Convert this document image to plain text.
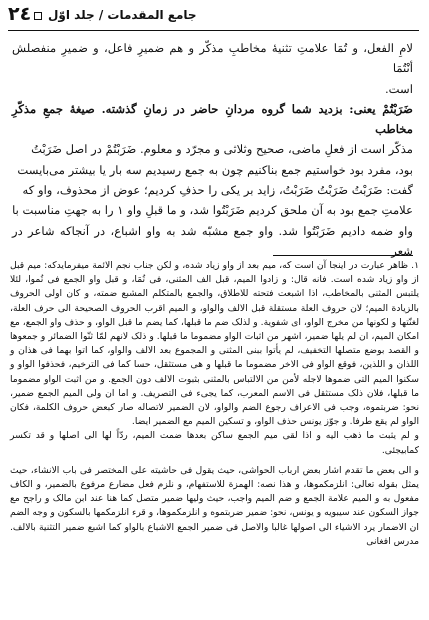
٢٤ جامع المقدمات / جلد اوّل

لامِ الفعل، و تُمَا علامتِ تثنیهٔ مخاطبِ مذکّر و هم ضمیرِ فاعل، و ضمیرِ منفصلش أنْتُمَا

است.

ضَرَبْتُمْ یعنی: بزدید شما گروه مردانِ حاضر در زمانِ گذشته. صیغهٔ جمعِ مذکّرِ مخاطب

مذکّر است از فعلِ ماضی، صحیح وثلاثی و مجرّد و معلوم. ضَرَبْتُمْ در اصل ضَرَبْتُ

بود، مفرد بود خواستیم جمع بناکنیم چون به جمع رسیدیم سه بار یا بیشتر می‌بایست

گفت: ضَرَبْتُ ضَرَبْتُ ضَرَبْتُ، زاید بر یکی را حذفِ کردیم؛ عوض از محذوف، واو که

علامتِ جمع بود به آن ملحق کردیم ضَرَبْتُوا شد، و ما قبلِ واو ١ را به جهتِ مناسبت با

واو ضمه دادیم ضَرَبْتُوا شد. واو جمع مشبّه شد به واو اشباع، در آنجاکه شاعر در شعر

١. ظاهر عبارت در اینجا آن است که، میم بعد از واو زیاد شده، و لکن جناب نجم الائمة میفرمایدکه: میم قبل از واو زیاد شده است. فانه قال: و زادوا المیم، قبل الف المثنی، فی تُمَا، و قبل واو الجمع فی تُموا، لئلا یلتبس المثنی بالمخاطب، اذا اشبعت فتحته للاطلاق، والجمع بالمتکلم المشبع ضمته، و کان اولی الحروف بالزیادة المیم؛ لان حروف العلة مستقلة قبل الالف والواو، و المیم اقرب الحروف الصحیحة الی حرف العلة، لغنّتها و لکونها من مخرج الواو، ای شفویة. و لذلک ضم ما قبلها، کما یضم ما قبل الواو، و حذف واو الجمع، مع امکان المیم، ان لم یلها ضمیر، اشهر من اثبات الواو مضموما ما قبلها. و ذلک لانهم لمّا ثنّوا الضمائر و جمعوها و القصد بوضع متصلها التخفیف، لم یأتوا ببنی المثنی و المجموع بعد الالف والواو، کما اتوا بهما فی هذان و اللذان و اللذین، فوقع الواو فی الاخر مضموما ما قبلها و هی مستثقل، حسا کما فی الترخیم، فحذفوا الواو و سکنوا المیم التی ضموها لاجله لأمن من الالتباس بالمثنی بثبوت الالف دون الجمع. و من اثبت الواو مضموما ما قبلها، فلان ذلک مستثقل فی الاسم المعرب، کما یجیء فی التصریف. و اما ان ولی المیم الجمع ضمیر، نحو: ضربتموه، وجب فی الاعراف رجوع الضم والواو، لان الضمیر لاتصاله صار کبعض حروف الکلمة، فکان الواو لم یقع طرفا. و جوّز یونس حذف الواو، و تسکین المیم مع الضمیر ایضا.

و لم یثبت ما ذهب الیه و اذا لقی میم الجمع ساکن بعدها ضمت المیم، ردّاً لها الی اصلها و قد تکسر کمابیجئی.

و الی بعض ما تقدم اشار بعض ارباب الحواشی، حیث یقول فی حاشیته علی المختصر فی باب الانشاء، حیث یمثل بقوله تعالی: انلزمکموها، و هذا نصه: الهمزة للاستفهام، و نلزم فعل مضارع مرفوع بالضمیر، و الکاف مفعول به و المیم علامة الجمع و ضم المیم واجب، حیث ولیها ضمیر متصل کما هنا عند ابن مالک و راجح مع جواز السکون عند سیبویه و یونس، نحو: ضمیر ضربتموه و انلزمکموها، و قرء انلزمکمها بالسکون و وجه الضم ان الاضمار یرد الاشیاء الی اصولها غالبا والاصل فی ضمیر الجمع الاشباع بالواو کما اشبع ضمیر التثنیة بالالف. مدرس افغانی
